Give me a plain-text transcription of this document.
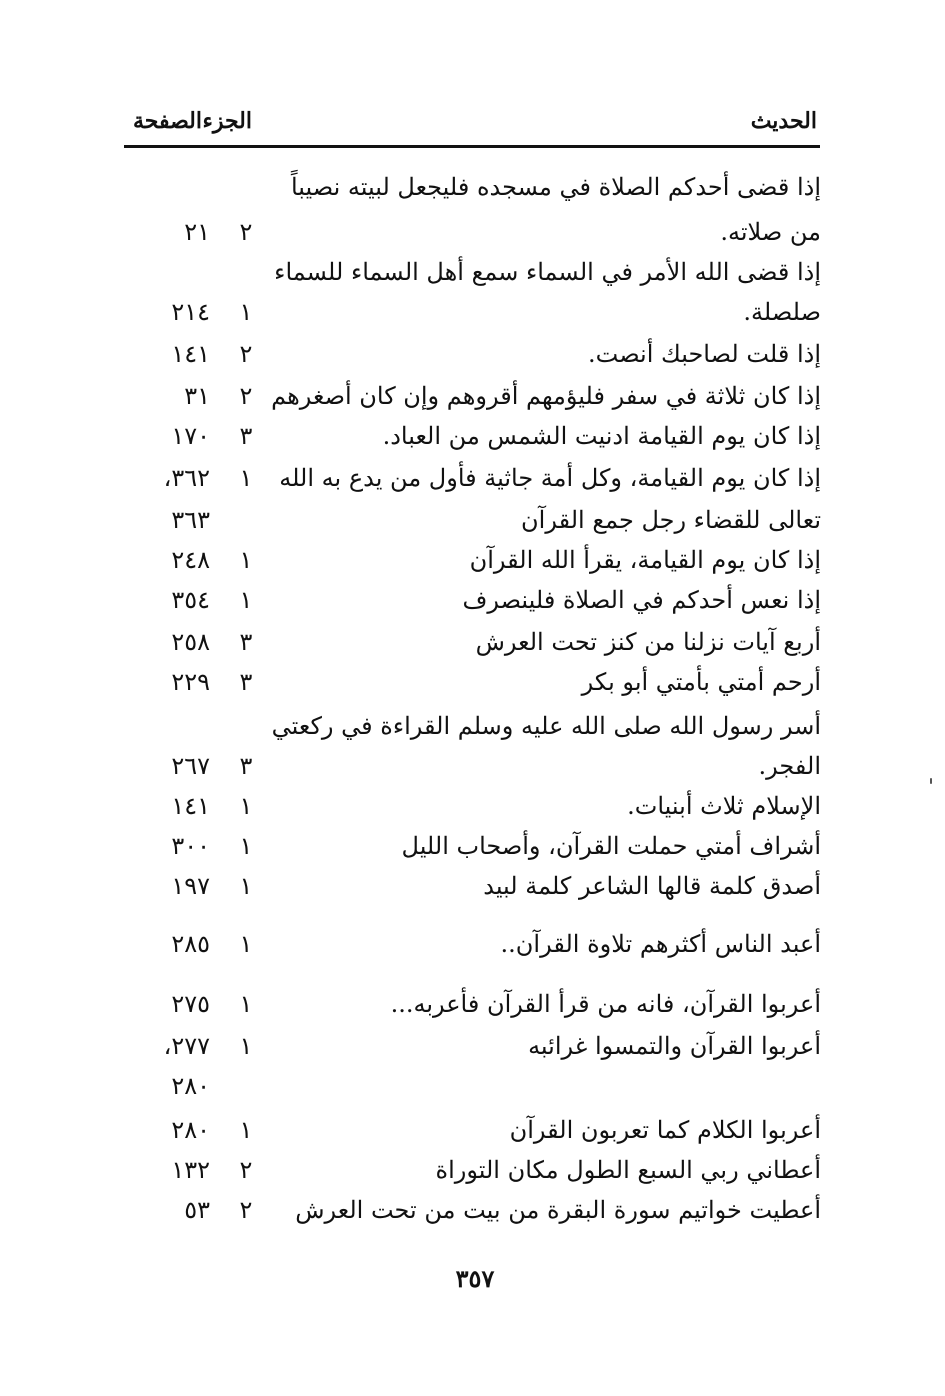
الحديث
الجزء
الصفحة
إذا قضى أحدكم الصلاة في مسجده فليجعل لبيته نصيباً
من صلاته.
٢
٢١
إذا قضى الله الأمر في السماء سمع أهل السماء للسماء
صلصلة.
١
٢١٤
إذا قلت لصاحبك أنصت.
٢
١٤١
إذا كان ثلاثة في سفر فليؤمهم أقروهم وإن كان أصغرهم
٢
٣١
إذا كان يوم القيامة ادنيت الشمس من العباد.
٣
١٧٠
إذا كان يوم القيامة، وكل أمة جاثية فأول من يدع به الله
١
٣٦٢،
تعالى للقضاء رجل جمع القرآن
٣٦٣
إذا كان يوم القيامة، يقرأ الله القرآن
١
٢٤٨
إذا نعس أحدكم في الصلاة فلينصرف
١
٣٥٤
أربع آيات نزلنا من كنز تحت العرش
٣
٢٥٨
أرحم أمتي بأمتي أبو بكر
٣
٢٢٩
أسر رسول الله صلى الله عليه وسلم القراءة في ركعتي
الفجر.
٣
٢٦٧
الإسلام ثلاث أبنيات.
١
١٤١
أشراف أمتي حملت القرآن، وأصحاب الليل
١
٣٠٠
أصدق كلمة قالها الشاعر كلمة لبيد
١
١٩٧
أعبد الناس أكثرهم تلاوة القرآن..
١
٢٨٥
أعربوا القرآن، فانه من قرأ القرآن فأعربه...
١
٢٧٥
أعربوا القرآن والتمسوا غرائبه
١
٢٧٧،
٢٨٠
أعربوا الكلام كما تعربون القرآن
١
٢٨٠
أعطاني ربي السبع الطول مكان التوراة
٢
١٣٢
أعطيت خواتيم سورة البقرة من بيت من تحت العرش
٢
٥٣
٣٥٧
